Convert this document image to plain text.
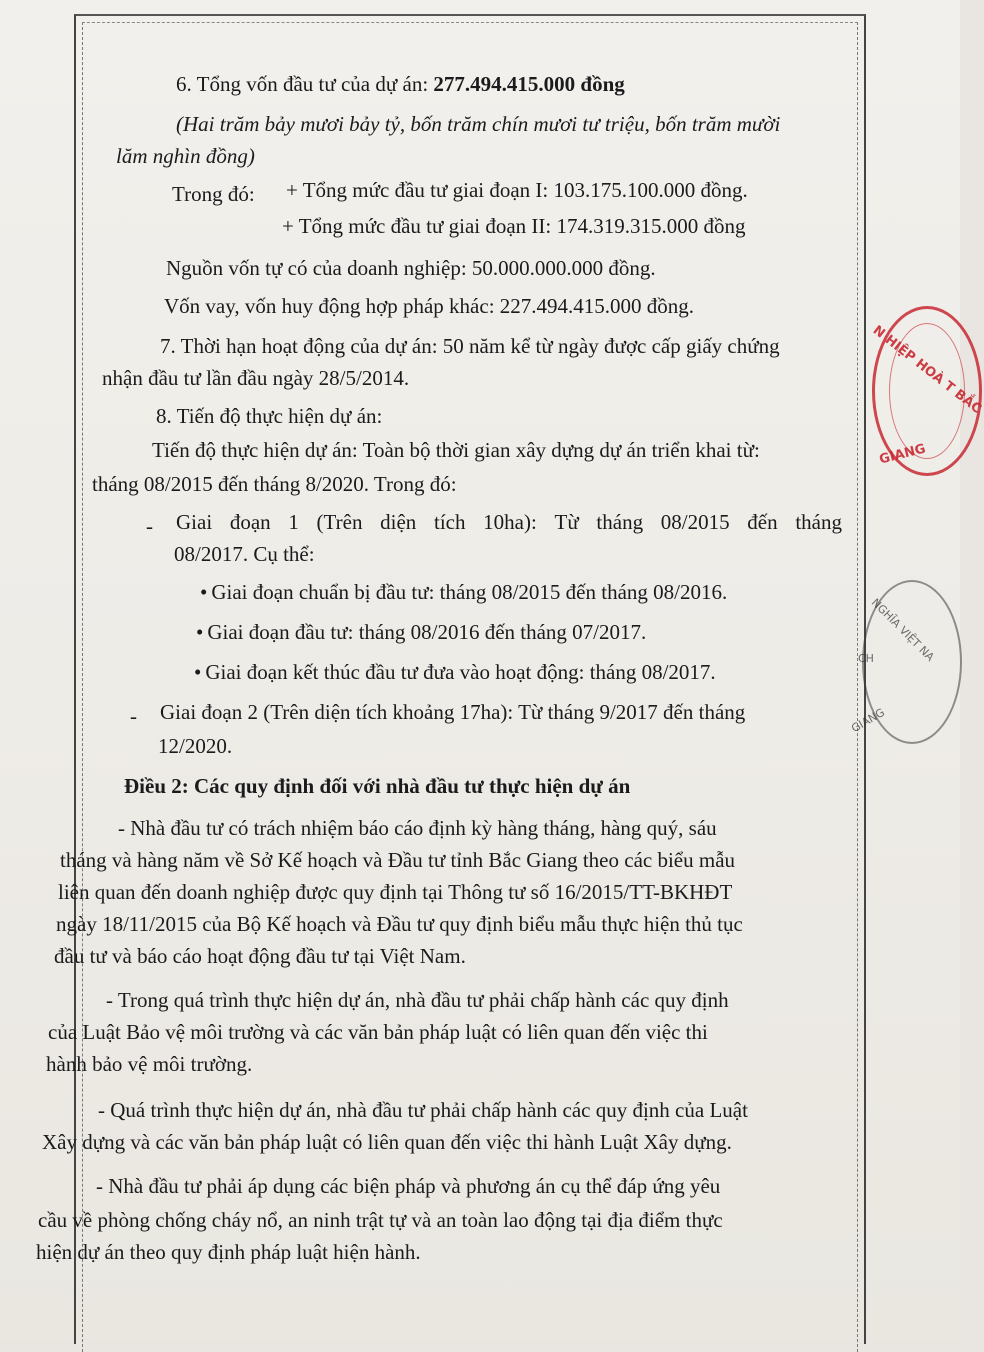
6. Tổng vốn đầu tư của dự án: 277.494.415.000 đồng
(Hai trăm bảy mươi bảy tỷ, bốn trăm chín mươi tư triệu, bốn trăm mười
lăm nghìn đồng)
Trong đó: + Tổng mức đầu tư giai đoạn I: 103.175.100.000 đồng.
+ Tổng mức đầu tư giai đoạn II: 174.319.315.000 đồng
Nguồn vốn tự có của doanh nghiệp: 50.000.000.000 đồng.
Vốn vay, vốn huy động hợp pháp khác: 227.494.415.000 đồng.
7. Thời hạn hoạt động của dự án: 50 năm kể từ ngày được cấp giấy chứng
nhận đầu tư lần đầu ngày 28/5/2014.
8. Tiến độ thực hiện dự án:
Tiến độ thực hiện dự án: Toàn bộ thời gian xây dựng dự án triển khai từ:
tháng 08/2015 đến tháng 8/2020. Trong đó:
- Giai đoạn 1 (Trên diện tích 10ha): Từ tháng 08/2015 đến tháng
08/2017. Cụ thể:
• Giai đoạn chuẩn bị đầu tư: tháng 08/2015 đến tháng 08/2016.
• Giai đoạn đầu tư: tháng 08/2016 đến tháng 07/2017.
• Giai đoạn kết thúc đầu tư đưa vào hoạt động: tháng 08/2017.
- Giai đoạn 2 (Trên diện tích khoảng 17ha): Từ tháng 9/2017 đến tháng
12/2020.
Điều 2: Các quy định đối với nhà đầu tư thực hiện dự án
- Nhà đầu tư có trách nhiệm báo cáo định kỳ hàng tháng, hàng quý, sáu
tháng và hàng năm về Sở Kế hoạch và Đầu tư tỉnh Bắc Giang theo các biểu mẫu
liên quan đến doanh nghiệp được quy định tại Thông tư số 16/2015/TT-BKHĐT
ngày 18/11/2015 của Bộ Kế hoạch và Đầu tư quy định biểu mẫu thực hiện thủ tục
đầu tư và báo cáo hoạt động đầu tư tại Việt Nam.
- Trong quá trình thực hiện dự án, nhà đầu tư phải chấp hành các quy định
của Luật Bảo vệ môi trường và các văn bản pháp luật có liên quan đến việc thi
hành bảo vệ môi trường.
- Quá trình thực hiện dự án, nhà đầu tư phải chấp hành các quy định của Luật
Xây dựng và các văn bản pháp luật có liên quan đến việc thi hành Luật Xây dựng.
- Nhà đầu tư phải áp dụng các biện pháp và phương án cụ thể đáp ứng yêu
cầu về phòng chống cháy nổ, an ninh trật tự và an toàn lao động tại địa điểm thực
hiện dự án theo quy định pháp luật hiện hành.
N HIỆP HOÀ T BẮC
GIANG
NGHĨA VIỆT NA
CH
GIANG
